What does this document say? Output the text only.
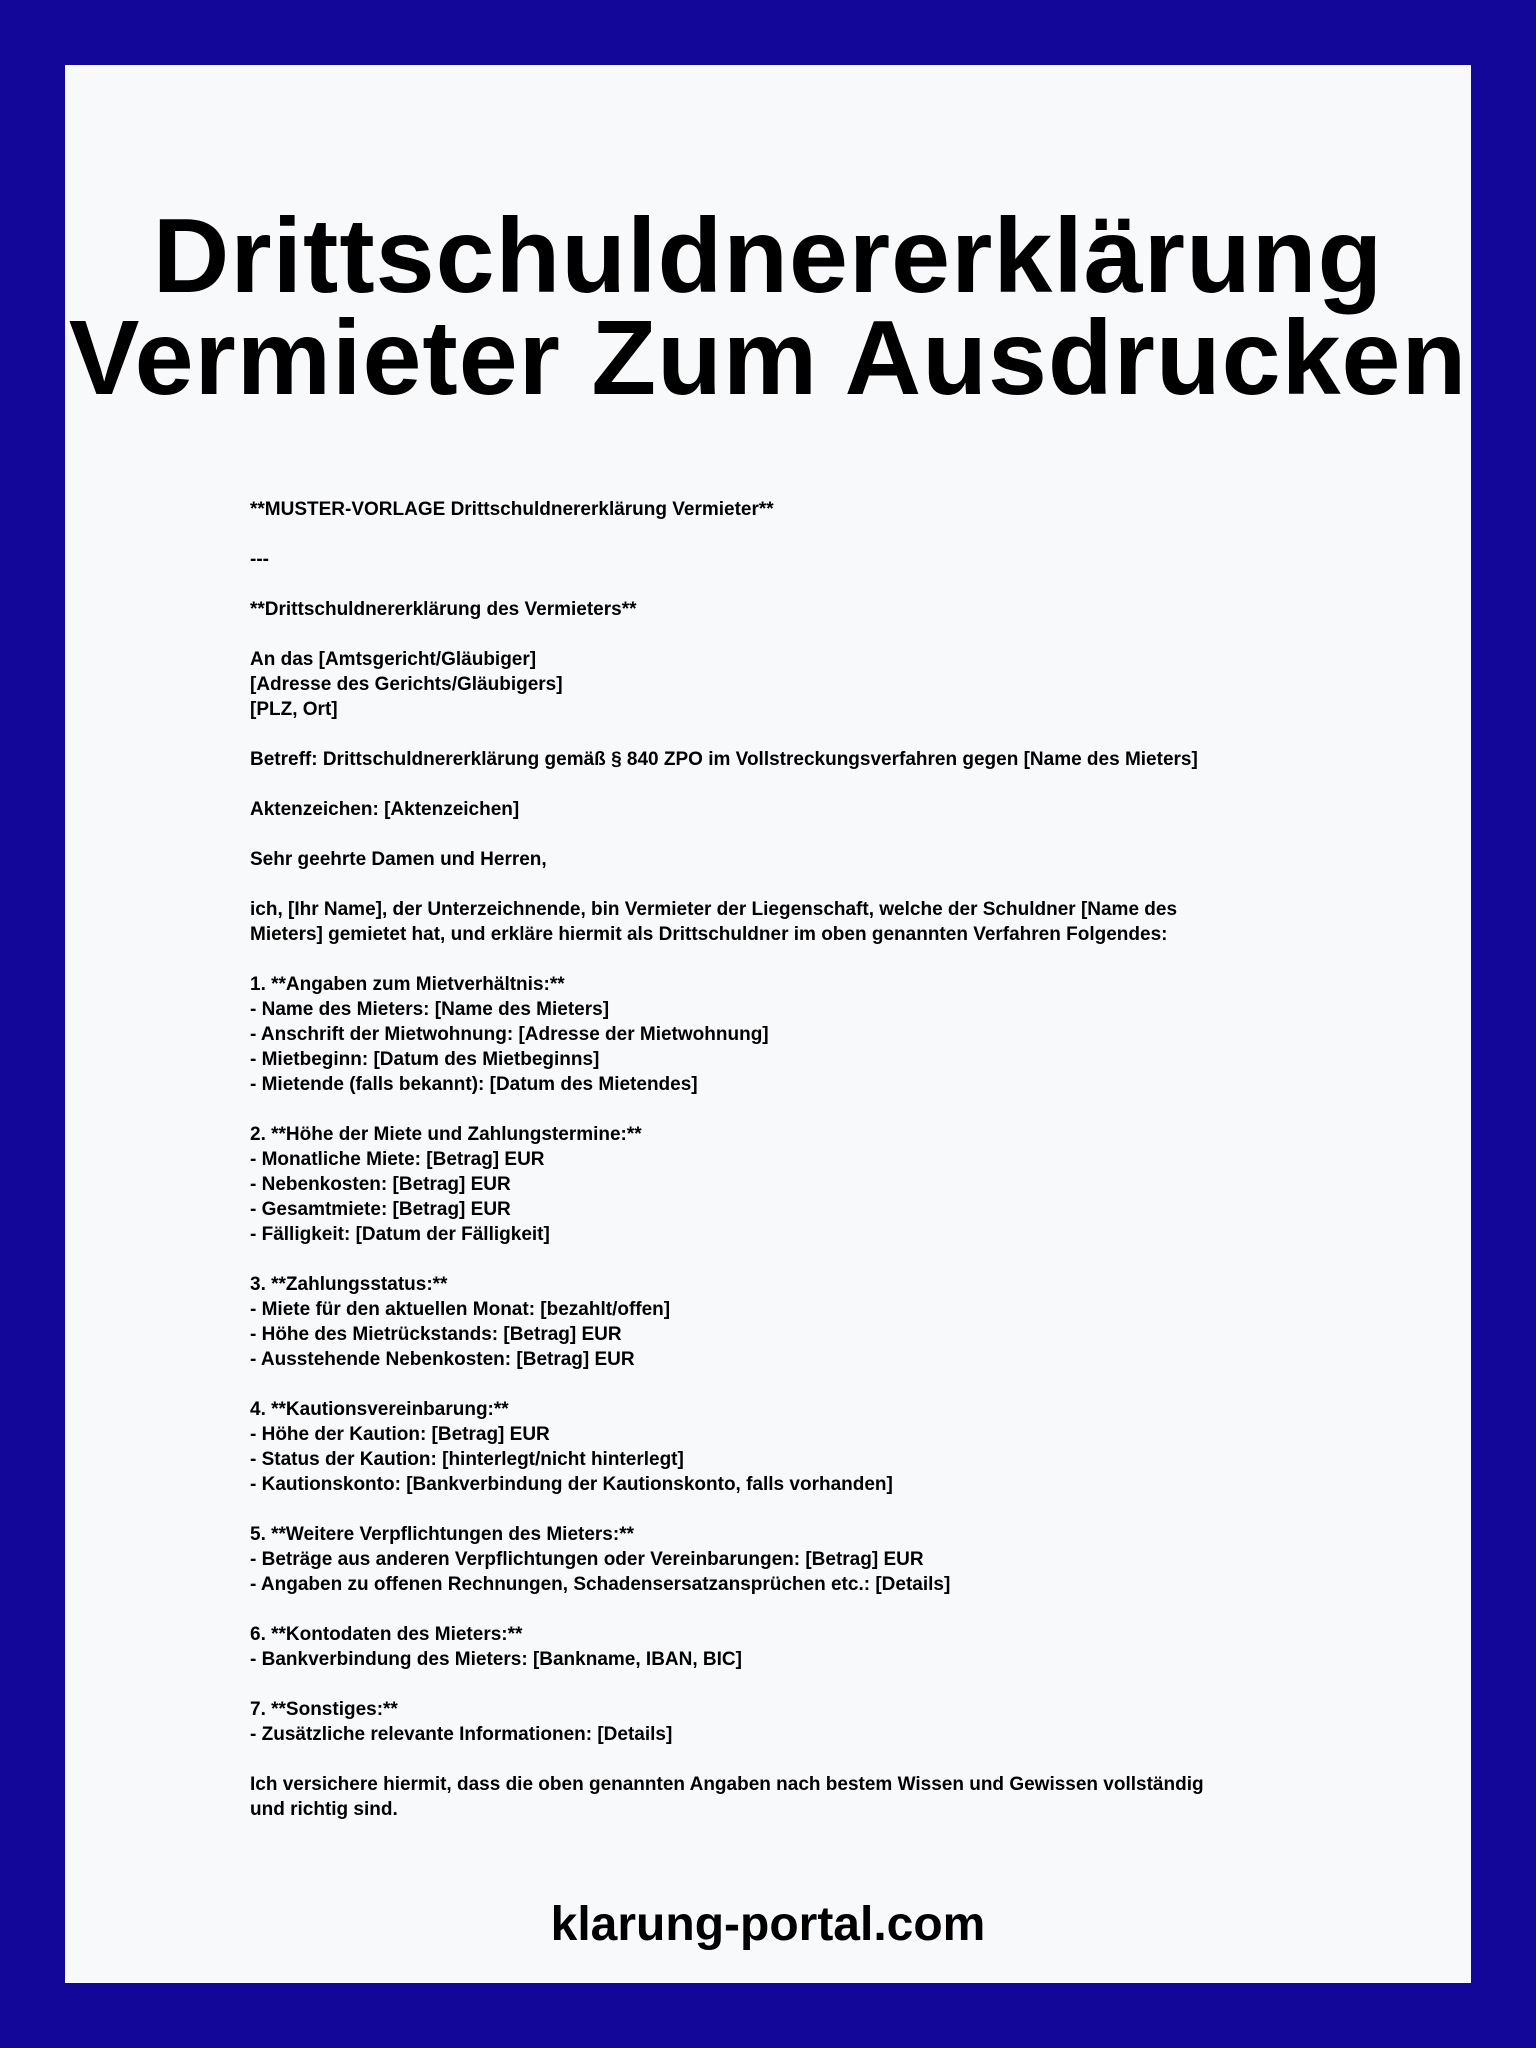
Drittschuldnererklärung
Vermieter Zum Ausdrucken
**MUSTER-VORLAGE Drittschuldnererklärung Vermieter**
---
**Drittschuldnererklärung des Vermieters**
An das [Amtsgericht/Gläubiger]
[Adresse des Gerichts/Gläubigers]
[PLZ, Ort]
Betreff: Drittschuldnererklärung gemäß § 840 ZPO im Vollstreckungsverfahren gegen [Name des Mieters]
Aktenzeichen: [Aktenzeichen]
Sehr geehrte Damen und Herren,
ich, [Ihr Name], der Unterzeichnende, bin Vermieter der Liegenschaft, welche der Schuldner [Name des
Mieters] gemietet hat, und erkläre hiermit als Drittschuldner im oben genannten Verfahren Folgendes:
1. **Angaben zum Mietverhältnis:**
- Name des Mieters: [Name des Mieters]
- Anschrift der Mietwohnung: [Adresse der Mietwohnung]
- Mietbeginn: [Datum des Mietbeginns]
- Mietende (falls bekannt): [Datum des Mietendes]
2. **Höhe der Miete und Zahlungstermine:**
- Monatliche Miete: [Betrag] EUR
- Nebenkosten: [Betrag] EUR
- Gesamtmiete: [Betrag] EUR
- Fälligkeit: [Datum der Fälligkeit]
3. **Zahlungsstatus:**
- Miete für den aktuellen Monat: [bezahlt/offen]
- Höhe des Mietrückstands: [Betrag] EUR
- Ausstehende Nebenkosten: [Betrag] EUR
4. **Kautionsvereinbarung:**
- Höhe der Kaution: [Betrag] EUR
- Status der Kaution: [hinterlegt/nicht hinterlegt]
- Kautionskonto: [Bankverbindung der Kautionskonto, falls vorhanden]
5. **Weitere Verpflichtungen des Mieters:**
- Beträge aus anderen Verpflichtungen oder Vereinbarungen: [Betrag] EUR
- Angaben zu offenen Rechnungen, Schadensersatzansprüchen etc.: [Details]
6. **Kontodaten des Mieters:**
- Bankverbindung des Mieters: [Bankname, IBAN, BIC]
7. **Sonstiges:**
- Zusätzliche relevante Informationen: [Details]
Ich versichere hiermit, dass die oben genannten Angaben nach bestem Wissen und Gewissen vollständig
und richtig sind.
klarung-portal.com
